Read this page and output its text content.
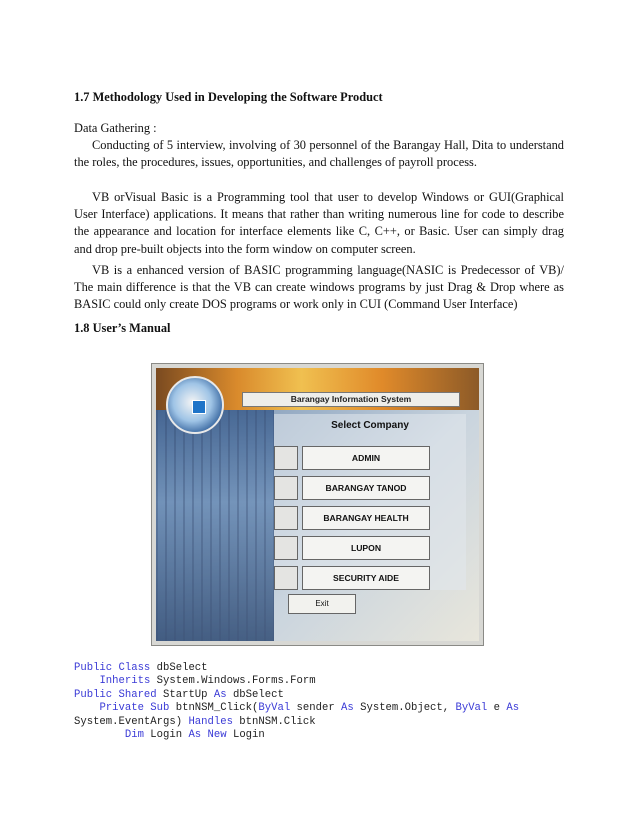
1.7 Methodology Used in Developing the Software Product
Data Gathering :
Conducting of 5 interview, involving of 30 personnel of the Barangay Hall, Dita to understand the roles, the procedures, issues, opportunities, and challenges of payroll process.
VB orVisual Basic is a Programming tool that user to develop Windows or GUI(Graphical User Interface) applications. It means that rather than writing numerous line for code to describe the appearance and location for interface elements like C, C++, or Basic. User can simply drag and drop pre-built objects into the form window on computer screen.
VB is a enhanced version of BASIC programming language(NASIC is Predecessor of VB)/ The main difference is that the VB can create windows programs by just Drag & Drop where as BASIC could only create DOS programs or work only in CUI (Command User Interface)
1.8 User’s Manual
Barangay Information System
Select Company
ADMIN
BARANGAY TANOD
BARANGAY HEALTH
LUPON
SECURITY AIDE
Exit
Public Class dbSelect
Inherits System.Windows.Forms.Form
Public Shared StartUp As dbSelect
Private Sub btnNSM_Click(ByVal sender As System.Object, ByVal e As
System.EventArgs) Handles btnNSM.Click
Dim Login As New Login
